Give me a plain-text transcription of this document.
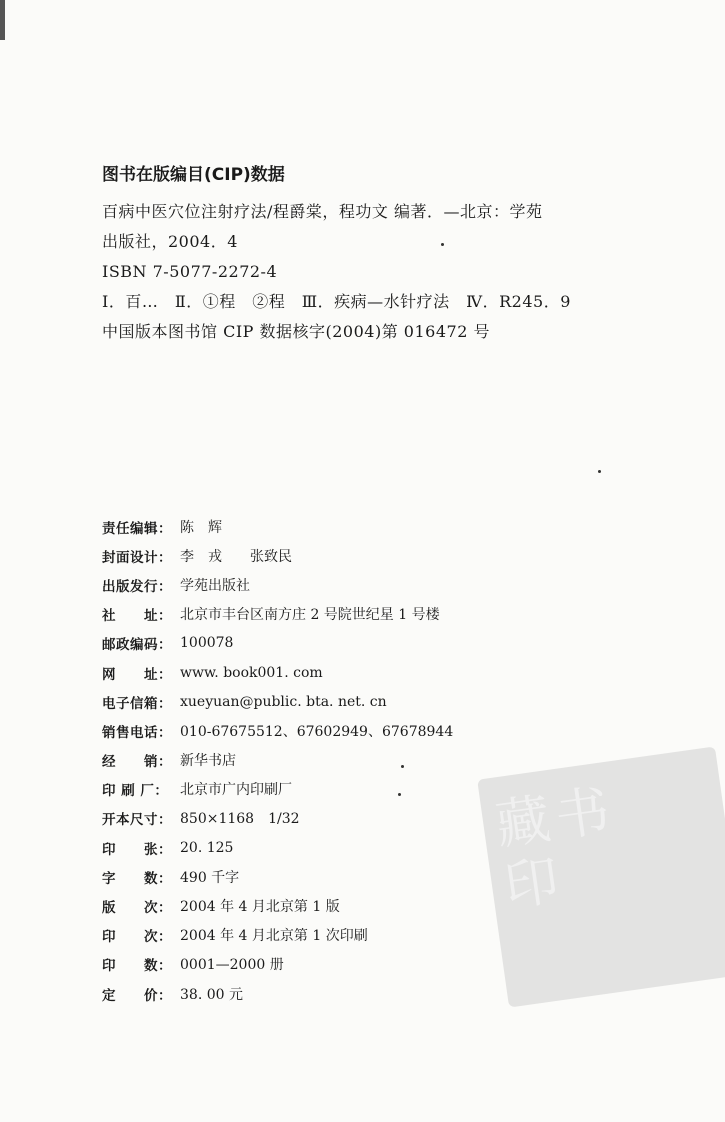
图书在版编目(CIP)数据
百病中医穴位注射疗法/程爵棠，程功文 编著．—北京：学苑
出版社，2004．4
ISBN 7-5077-2272-4
Ⅰ．百…　Ⅱ．①程　②程　Ⅲ．疾病—水针疗法　Ⅳ．R245．9
中国版本图书馆 CIP 数据核字(2004)第 016472 号
责任编辑： 陈　辉
封面设计： 李　戎　　张致民
出版发行： 学苑出版社
社　　址： 北京市丰台区南方庄 2 号院世纪星 1 号楼
邮政编码： 100078
网　　址： www. book001. com
电子信箱： xueyuan@public. bta. net. cn
销售电话： 010-67675512、67602949、67678944
经　　销： 新华书店
印 刷 厂： 北京市广内印刷厂
开本尺寸： 850×1168　1/32
印　　张： 20. 125
字　　数： 490 千字
版　　次： 2004 年 4 月北京第 1 版
印　　次： 2004 年 4 月北京第 1 次印刷
印　　数： 0001—2000 册
定　　价： 38. 00 元
藏书
印
